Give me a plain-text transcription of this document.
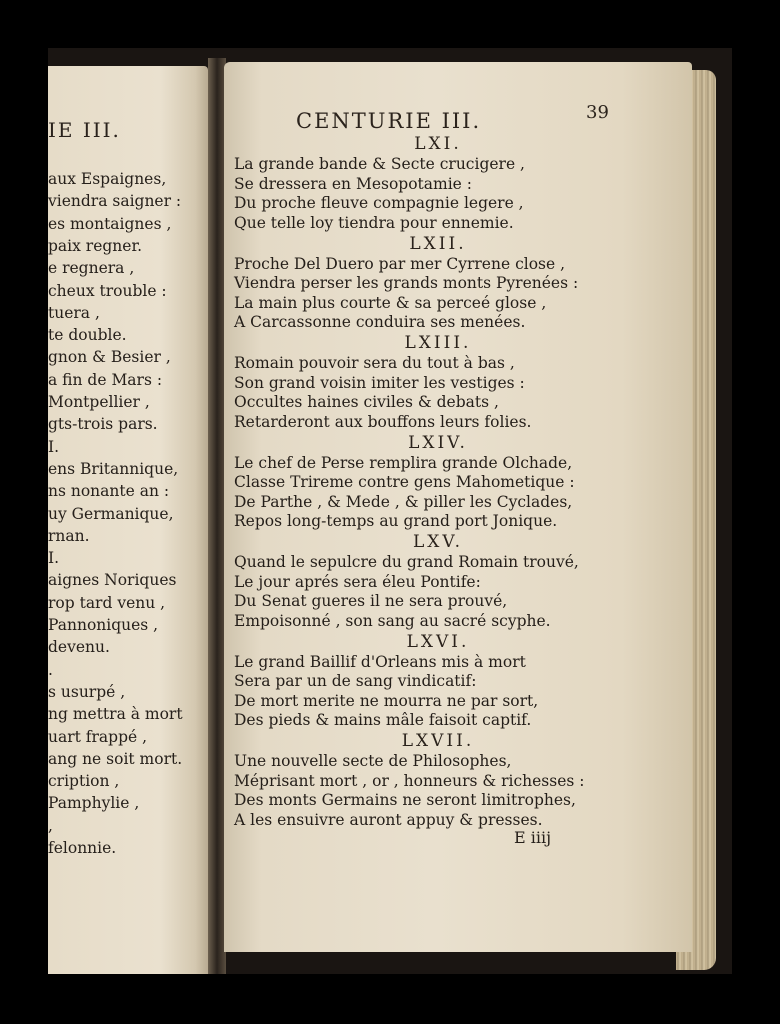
IE III.
aux Espaignes,
viendra saigner :
es montaignes ,
paix regner.
e regnera ,
cheux trouble :
tuera ,
te double.
gnon & Besier ,
a fin de Mars :
Montpellier ,
gts-trois pars.
I.
ens Britannique,
ns nonante an :
uy Germanique,
rnan.
I.
aignes Noriques
rop tard venu ,
Pannoniques ,
devenu.
.
s usurpé ,
ng mettra à mort
uart frappé ,
ang ne soit mort.
cription ,
Pamphylie ,
,
felonnie.
CENTURIE III.	39
LXI.
La grande bande & Secte crucigere ,
Se dressera en Mesopotamie :
Du proche fleuve compagnie legere ,
Que telle loy tiendra pour ennemie.
LXII.
Proche Del Duero par mer Cyrrene close ,
Viendra perser les grands monts Pyrenées :
La main plus courte & sa perceé glose ,
A Carcassonne conduira ses menées.
LXIII.
Romain pouvoir sera du tout à bas ,
Son grand voisin imiter les vestiges :
Occultes haines civiles & debats ,
Retarderont aux bouffons leurs folies.
LXIV.
Le chef de Perse remplira grande Olchade,
Classe Trireme contre gens Mahometique :
De Parthe , & Mede , & piller les Cyclades,
Repos long-temps au grand port Jonique.
LXV.
Quand le sepulcre du grand Romain trouvé,
Le jour aprés sera éleu Pontife:
Du Senat gueres il ne sera prouvé,
Empoisonné , son sang au sacré scyphe.
LXVI.
Le grand Baillif d'Orleans mis à mort
Sera par un de sang vindicatif:
De mort merite ne mourra ne par sort,
Des pieds & mains mâle faisoit captif.
LXVII.
Une nouvelle secte de Philosophes,
Méprisant mort , or , honneurs & richesses :
Des monts Germains ne seront limitrophes,
A les ensuivre auront appuy & presses.
E iiij
